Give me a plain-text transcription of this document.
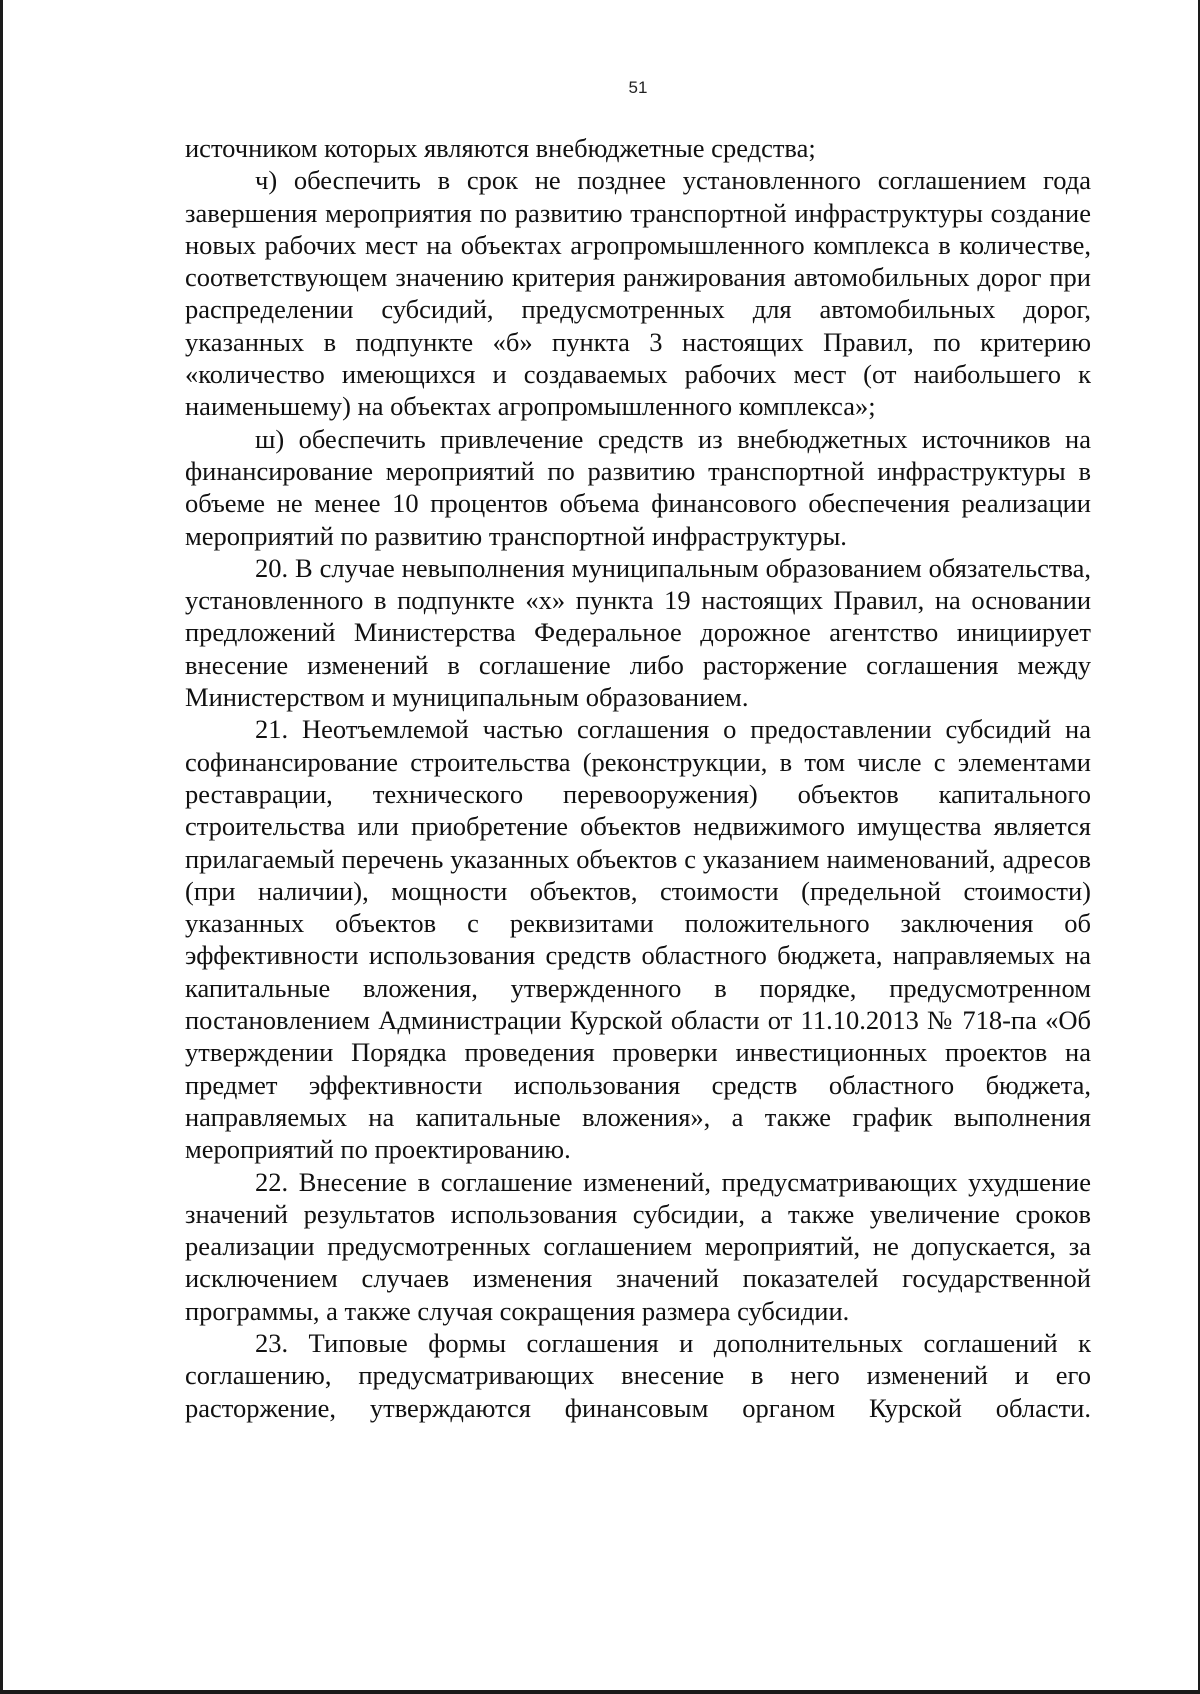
51

источником которых являются внебюджетные средства;

ч) обеспечить в срок не позднее установленного соглашением года завершения мероприятия по развитию транспортной инфраструктуры создание новых рабочих мест на объектах агропромышленного комплекса в количестве, соответствующем значению критерия ранжирования автомобильных дорог при распределении субсидий, предусмотренных для автомобильных дорог, указанных в подпункте «б» пункта 3 настоящих Правил, по критерию «количество имеющихся и создаваемых рабочих мест (от наибольшего к наименьшему) на объектах агропромышленного комплекса»;

ш) обеспечить привлечение средств из внебюджетных источников на финансирование мероприятий по развитию транспортной инфраструктуры в объеме не менее 10 процентов объема финансового обеспечения реализации мероприятий по развитию транспортной инфраструктуры.

20. В случае невыполнения муниципальным образованием обязательства, установленного в подпункте «х» пункта 19 настоящих Правил, на основании предложений Министерства Федеральное дорожное агентство инициирует внесение изменений в соглашение либо расторжение соглашения между Министерством и муниципальным образованием.

21. Неотъемлемой частью соглашения о предоставлении субсидий на софинансирование строительства (реконструкции, в том числе с элементами реставрации, технического перевооружения) объектов капитального строительства или приобретение объектов недвижимого имущества является прилагаемый перечень указанных объектов с указанием наименований, адресов (при наличии), мощности объектов, стоимости (предельной стоимости) указанных объектов с реквизитами положительного заключения об эффективности использования средств областного бюджета, направляемых на капитальные вложения, утвержденного в порядке, предусмотренном постановлением Администрации Курской области от 11.10.2013 № 718-па «Об утверждении Порядка проведения проверки инвестиционных проектов на предмет эффективности использования средств областного бюджета, направляемых на капитальные вложения», а также график выполнения мероприятий по проектированию.

22. Внесение в соглашение изменений, предусматривающих ухудшение значений результатов использования субсидии, а также увеличение сроков реализации предусмотренных соглашением мероприятий, не допускается, за исключением случаев изменения значений показателей государственной программы, а также случая сокращения размера субсидии.

23. Типовые формы соглашения и дополнительных соглашений к соглашению, предусматривающих внесение в него изменений и его расторжение, утверждаются финансовым органом Курской области.
